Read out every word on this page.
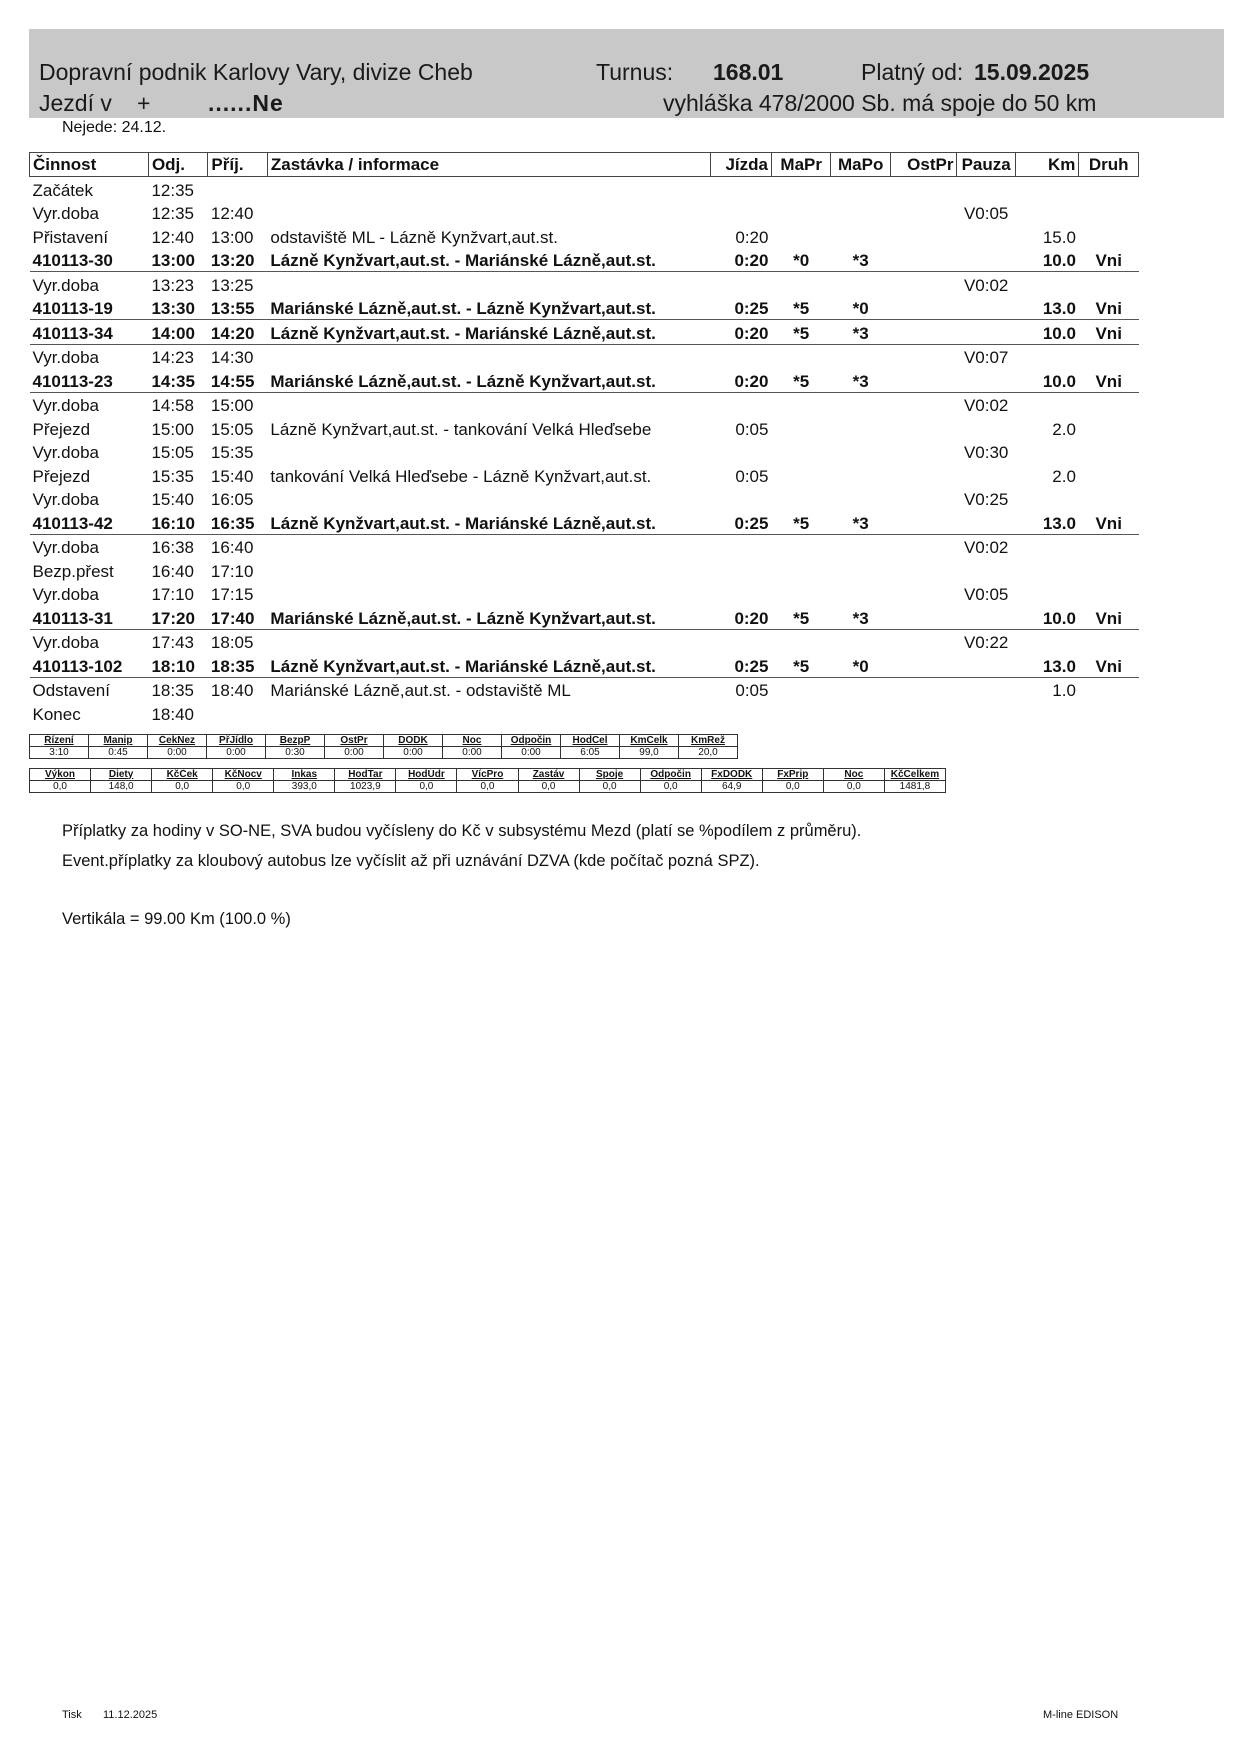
Dopravní podnik Karlovy Vary, divize Cheb	Turnus: 168.01	Platný od: 15.09.2025
Jezdí v +	......Ne	vyhláška 478/2000 Sb. má spoje do 50 km
Nejede: 24.12.
Činnost	Odj.	Příj.	Zastávka / informace	Jízda	MaPr	MaPo	OstPr	Pauza	Km	Druh
Začátek	12:35									
Vyr.doba	12:35	12:40						V0:05		
Přistavení	12:40	13:00	odstaviště ML - Lázně Kynžvart,aut.st.	0:20					15.0	
410113-30	13:00	13:20	Lázně Kynžvart,aut.st. - Mariánské Lázně,aut.st.	0:20	*0	*3			10.0	Vni
Vyr.doba	13:23	13:25						V0:02		
410113-19	13:30	13:55	Mariánské Lázně,aut.st. - Lázně Kynžvart,aut.st.	0:25	*5	*0			13.0	Vni
410113-34	14:00	14:20	Lázně Kynžvart,aut.st. - Mariánské Lázně,aut.st.	0:20	*5	*3			10.0	Vni
Vyr.doba	14:23	14:30						V0:07		
410113-23	14:35	14:55	Mariánské Lázně,aut.st. - Lázně Kynžvart,aut.st.	0:20	*5	*3			10.0	Vni
Vyr.doba	14:58	15:00						V0:02		
Přejezd	15:00	15:05	Lázně Kynžvart,aut.st. - tankování Velká Hleďsebe	0:05					2.0	
Vyr.doba	15:05	15:35						V0:30		
Přejezd	15:35	15:40	tankování Velká Hleďsebe - Lázně Kynžvart,aut.st.	0:05					2.0	
Vyr.doba	15:40	16:05						V0:25		
410113-42	16:10	16:35	Lázně Kynžvart,aut.st. - Mariánské Lázně,aut.st.	0:25	*5	*3			13.0	Vni
Vyr.doba	16:38	16:40						V0:02		
Bezp.přest	16:40	17:10								
Vyr.doba	17:10	17:15						V0:05		
410113-31	17:20	17:40	Mariánské Lázně,aut.st. - Lázně Kynžvart,aut.st.	0:20	*5	*3			10.0	Vni
Vyr.doba	17:43	18:05						V0:22		
410113-102	18:10	18:35	Lázně Kynžvart,aut.st. - Mariánské Lázně,aut.st.	0:25	*5	*0			13.0	Vni
Odstavení	18:35	18:40	Mariánské Lázně,aut.st. - odstaviště ML	0:05					1.0	
Konec	18:40									
Řízení	Manip	ČekNez	PřJídlo	BezpP	OstPr	DODK	Noc	Odpočin	HodCel	KmCelk	KmRež
3:10	0:45	0:00	0:00	0:30	0:00	0:00	0:00	0:00	6:05	99,0	20,0
Výkon	Diety	KčČek	KčNocv	Inkas	HodTar	HodÚdr	VícPro	Zastáv	Spoje	Odpočin	FxDODK	FxPrip	Noc	KčCelkem
0,0	148,0	0,0	0,0	393,0	1023,9	0,0	0,0	0,0	0,0	0,0	64,9	0,0	0,0	1481,8
Příplatky za hodiny v SO-NE, SVA budou vyčísleny do Kč v subsystému Mezd (platí se %podílem z průměru).
Event.příplatky za kloubový autobus lze vyčíslit až při uznávání DZVA (kde počítač pozná SPZ).
Vertikála = 99.00 Km (100.0 %)
Tisk 11.12.2025	M-line EDISON
